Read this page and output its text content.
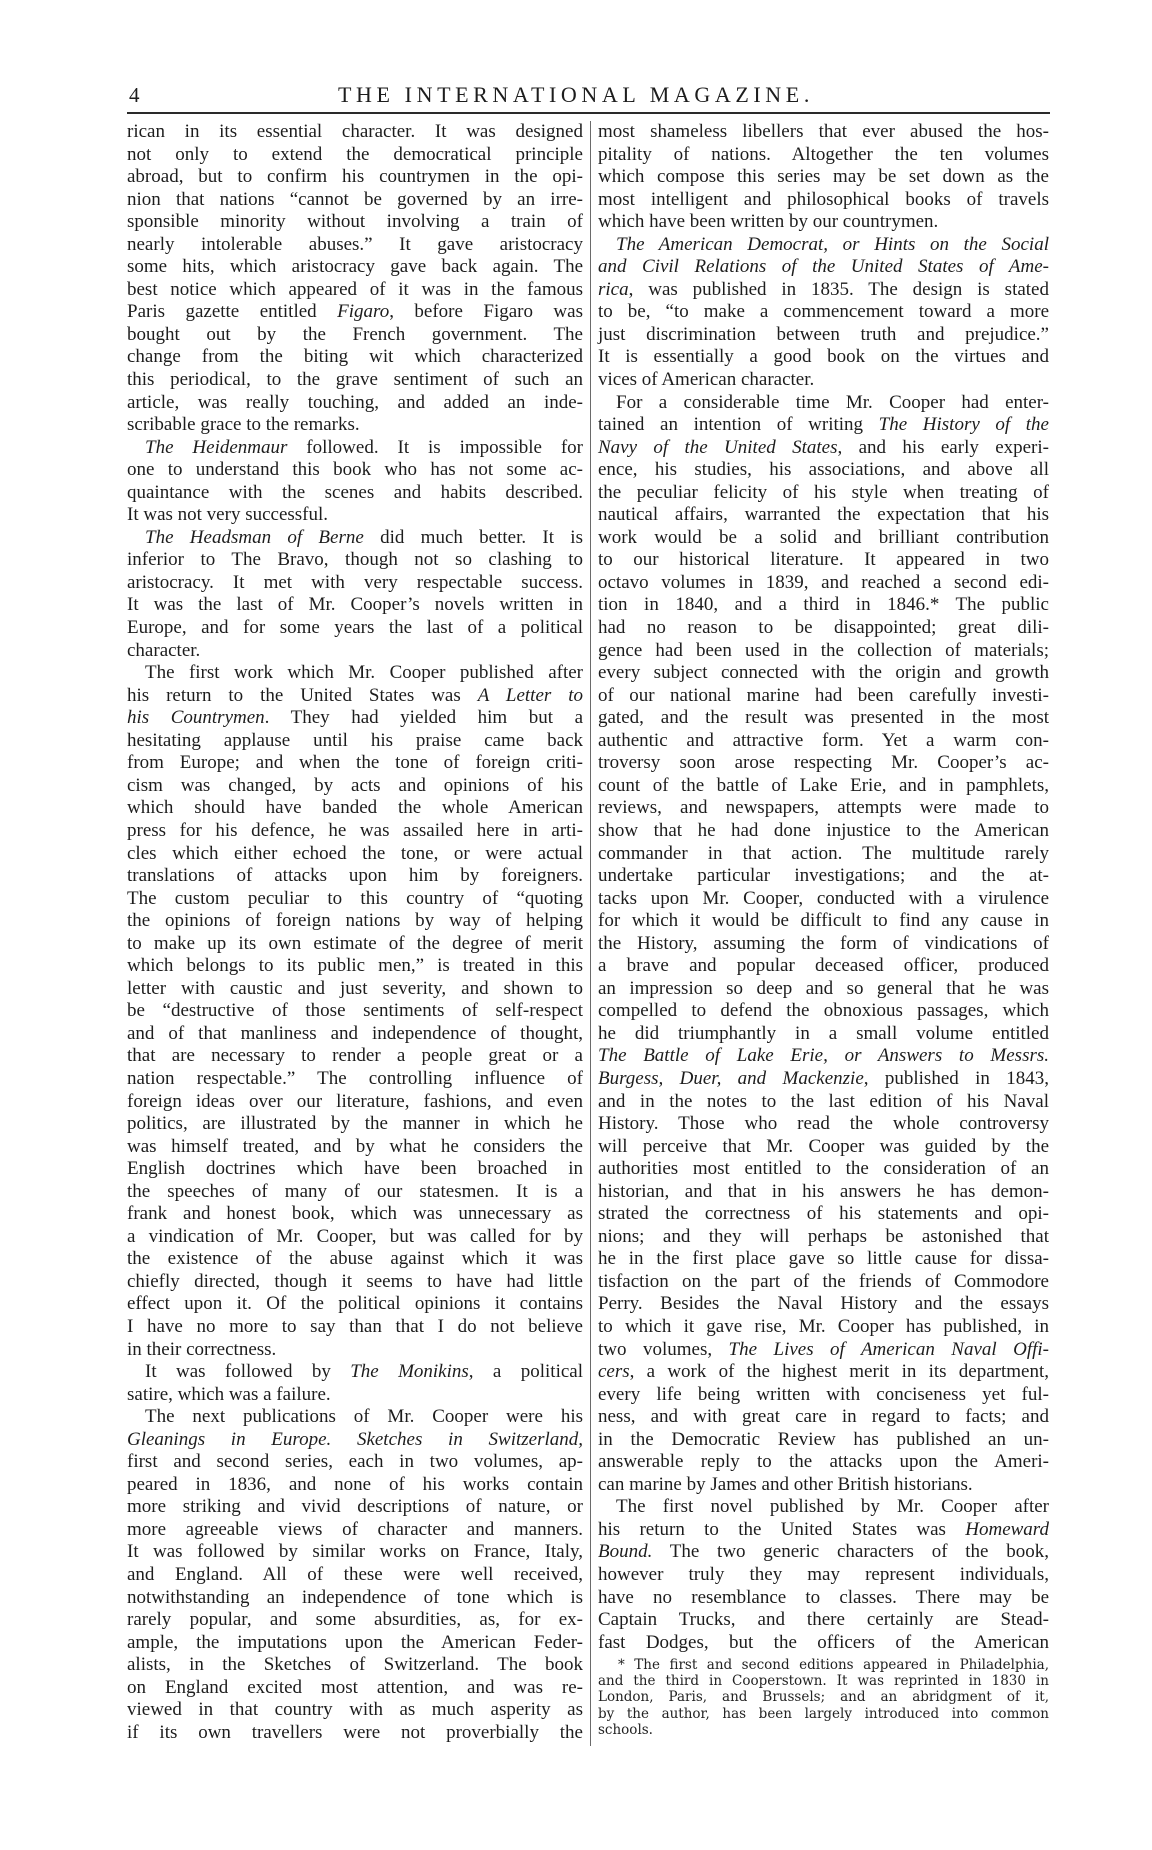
4	THE INTERNATIONAL MAGAZINE.
rican in its essential character. It was designed
not only to extend the democratical principle
abroad, but to confirm his countrymen in the opi-
nion that nations “cannot be governed by an irre-
sponsible minority without involving a train of
nearly intolerable abuses.” It gave aristocracy
some hits, which aristocracy gave back again. The
best notice which appeared of it was in the famous
Paris gazette entitled Figaro, before Figaro was
bought out by the French government. The
change from the biting wit which characterized
this periodical, to the grave sentiment of such an
article, was really touching, and added an inde-
scribable grace to the remarks.
The Heidenmaur followed. It is impossible for
one to understand this book who has not some ac-
quaintance with the scenes and habits described.
It was not very successful.
The Headsman of Berne did much better. It is
inferior to The Bravo, though not so clashing to
aristocracy. It met with very respectable success.
It was the last of Mr. Cooper’s novels written in
Europe, and for some years the last of a political
character.
The first work which Mr. Cooper published after
his return to the United States was A Letter to
his Countrymen. They had yielded him but a
hesitating applause until his praise came back
from Europe; and when the tone of foreign criti-
cism was changed, by acts and opinions of his
which should have banded the whole American
press for his defence, he was assailed here in arti-
cles which either echoed the tone, or were actual
translations of attacks upon him by foreigners.
The custom peculiar to this country of “quoting
the opinions of foreign nations by way of helping
to make up its own estimate of the degree of merit
which belongs to its public men,” is treated in this
letter with caustic and just severity, and shown to
be “destructive of those sentiments of self-respect
and of that manliness and independence of thought,
that are necessary to render a people great or a
nation respectable.” The controlling influence of
foreign ideas over our literature, fashions, and even
politics, are illustrated by the manner in which he
was himself treated, and by what he considers the
English doctrines which have been broached in
the speeches of many of our statesmen. It is a
frank and honest book, which was unnecessary as
a vindication of Mr. Cooper, but was called for by
the existence of the abuse against which it was
chiefly directed, though it seems to have had little
effect upon it. Of the political opinions it contains
I have no more to say than that I do not believe
in their correctness.
It was followed by The Monikins, a political
satire, which was a failure.
The next publications of Mr. Cooper were his
Gleanings in Europe. Sketches in Switzerland,
first and second series, each in two volumes, ap-
peared in 1836, and none of his works contain
more striking and vivid descriptions of nature, or
more agreeable views of character and manners.
It was followed by similar works on France, Italy,
and England. All of these were well received,
notwithstanding an independence of tone which is
rarely popular, and some absurdities, as, for ex-
ample, the imputations upon the American Feder-
alists, in the Sketches of Switzerland. The book
on England excited most attention, and was re-
viewed in that country with as much asperity as
if its own travellers were not proverbially the
most shameless libellers that ever abused the hos-
pitality of nations. Altogether the ten volumes
which compose this series may be set down as the
most intelligent and philosophical books of travels
which have been written by our countrymen.
The American Democrat, or Hints on the Social
and Civil Relations of the United States of Ame-
rica, was published in 1835. The design is stated
to be, “to make a commencement toward a more
just discrimination between truth and prejudice.”
It is essentially a good book on the virtues and
vices of American character.
For a considerable time Mr. Cooper had enter-
tained an intention of writing The History of the
Navy of the United States, and his early experi-
ence, his studies, his associations, and above all
the peculiar felicity of his style when treating of
nautical affairs, warranted the expectation that his
work would be a solid and brilliant contribution
to our historical literature. It appeared in two
octavo volumes in 1839, and reached a second edi-
tion in 1840, and a third in 1846.* The public
had no reason to be disappointed; great dili-
gence had been used in the collection of materials;
every subject connected with the origin and growth
of our national marine had been carefully investi-
gated, and the result was presented in the most
authentic and attractive form. Yet a warm con-
troversy soon arose respecting Mr. Cooper’s ac-
count of the battle of Lake Erie, and in pamphlets,
reviews, and newspapers, attempts were made to
show that he had done injustice to the American
commander in that action. The multitude rarely
undertake particular investigations; and the at-
tacks upon Mr. Cooper, conducted with a virulence
for which it would be difficult to find any cause in
the History, assuming the form of vindications of
a brave and popular deceased officer, produced
an impression so deep and so general that he was
compelled to defend the obnoxious passages, which
he did triumphantly in a small volume entitled
The Battle of Lake Erie, or Answers to Messrs.
Burgess, Duer, and Mackenzie, published in 1843,
and in the notes to the last edition of his Naval
History. Those who read the whole controversy
will perceive that Mr. Cooper was guided by the
authorities most entitled to the consideration of an
historian, and that in his answers he has demon-
strated the correctness of his statements and opi-
nions; and they will perhaps be astonished that
he in the first place gave so little cause for dissa-
tisfaction on the part of the friends of Commodore
Perry. Besides the Naval History and the essays
to which it gave rise, Mr. Cooper has published, in
two volumes, The Lives of American Naval Offi-
cers, a work of the highest merit in its department,
every life being written with conciseness yet ful-
ness, and with great care in regard to facts; and
in the Democratic Review has published an un-
answerable reply to the attacks upon the Ameri-
can marine by James and other British historians.
The first novel published by Mr. Cooper after
his return to the United States was Homeward
Bound. The two generic characters of the book,
however truly they may represent individuals,
have no resemblance to classes. There may be
Captain Trucks, and there certainly are Stead-
fast Dodges, but the officers of the American
* The first and second editions appeared in Philadelphia,
and the third in Cooperstown. It was reprinted in 1830 in
London, Paris, and Brussels; and an abridgment of it,
by the author, has been largely introduced into common
schools.
